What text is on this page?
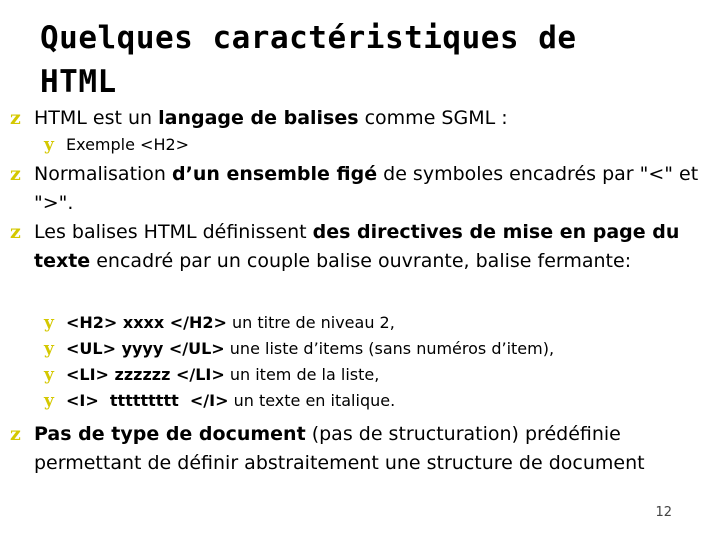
Quelques caractéristiques de
HTML
z HTML est un langage de balises comme SGML :
y Exemple <H2>
z Normalisation d’un ensemble figé de symboles encadrés par "<" et ">".
z Les balises HTML définissent des directives de mise en page du texte encadré par un couple balise ouvrante, balise fermante:
y <H2> xxxx </H2> un titre de niveau 2,
y <UL> yyyy </UL> une liste d’items (sans numéros d’item),
y <LI> zzzzzz </LI> un item de la liste,
y <I>  ttttttttt  </I> un texte en italique.
z Pas de type de document (pas de structuration) prédéfinie permettant de définir abstraitement une structure de document
12
